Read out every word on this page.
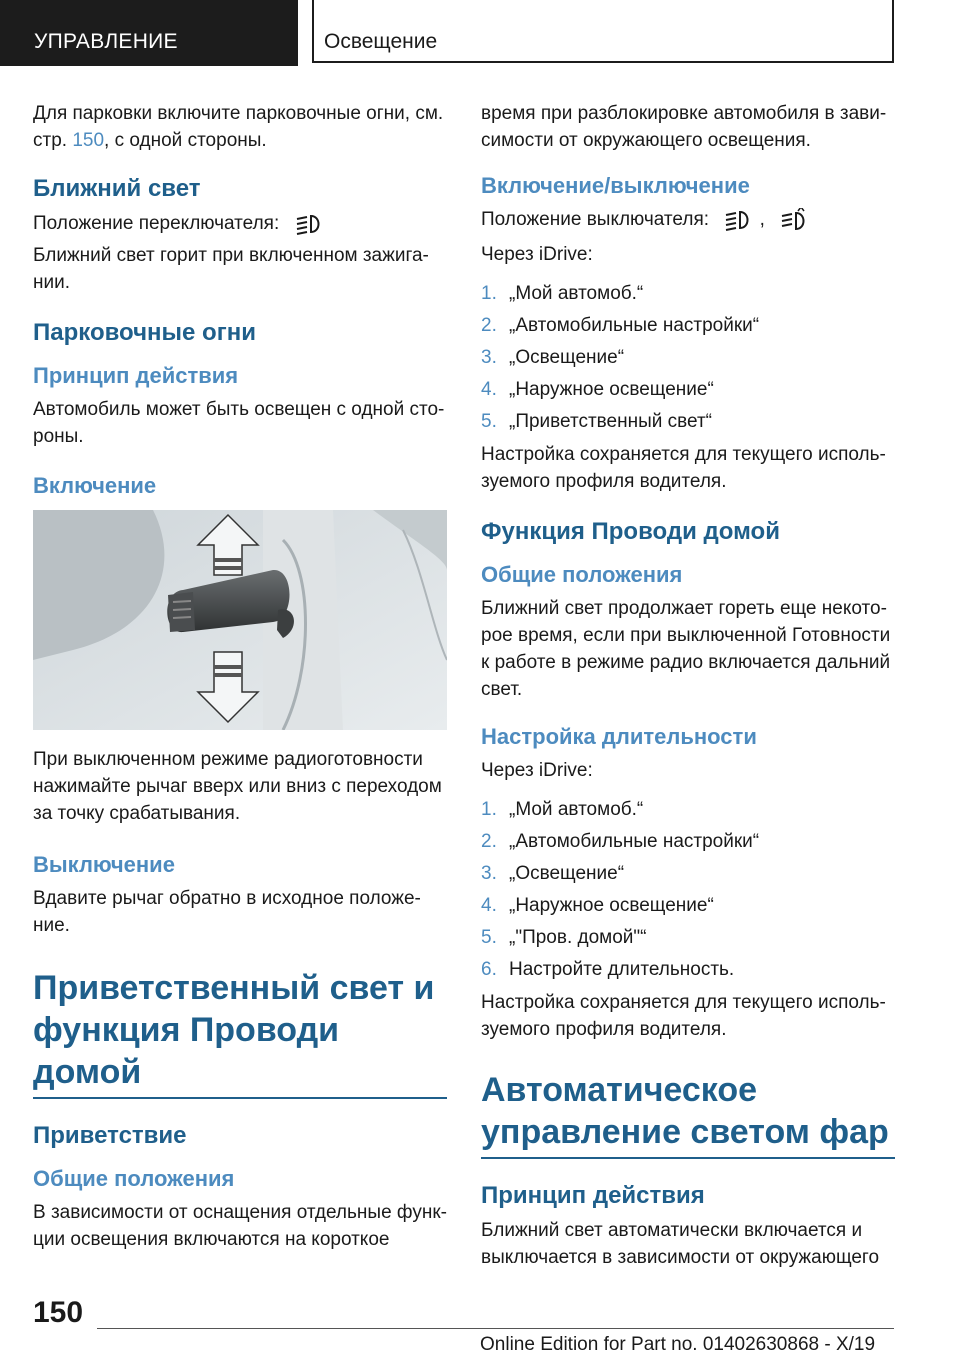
УПРАВЛЕНИЕ	Освещение

Для парковки включите парковочные огни, см. стр. 150, с одной стороны.

Ближний свет

Положение переключателя:

Ближний свет горит при включенном зажига-нии.

Парковочные огни
Принцип действия

Автомобиль может быть освещен с одной сто-роны.

Включение

При выключенном режиме радиоготовности нажимайте рычаг вверх или вниз с переходом за точку срабатывания.

Выключение

Вдавите рычаг обратно в исходное положе-ние.

Приветственный свет и
функция Проводи домой
Приветствие
Общие положения

В зависимости от оснащения отдельные функ-ции освещения включаются на короткое

время при разблокировке автомобиля в зави-симости от окружающего освещения.

Включение/выключение

Положение выключателя:	,

Через iDrive:

1. „Мой автомоб.“
2. „Автомобильные настройки“
3. „Освещение“
4. „Наружное освещение“
5. „Приветственный свет“

Настройка сохраняется для текущего исполь-зуемого профиля водителя.

Функция Проводи домой
Общие положения

Ближний свет продолжает гореть еще некото-рое время, если при выключенной Готовности к работе в режиме радио включается дальний свет.

Настройка длительности

Через iDrive:

1. „Мой автомоб.“
2. „Автомобильные настройки“
3. „Освещение“
4. „Наружное освещение“
5. „"Пров. домой"“
6. Настройте длительность.

Настройка сохраняется для текущего исполь-зуемого профиля водителя.

Автоматическое
управление светом фар
Принцип действия

Ближний свет автоматически включается и выключается в зависимости от окружающего

150
Online Edition for Part no. 01402630868 - X/19
